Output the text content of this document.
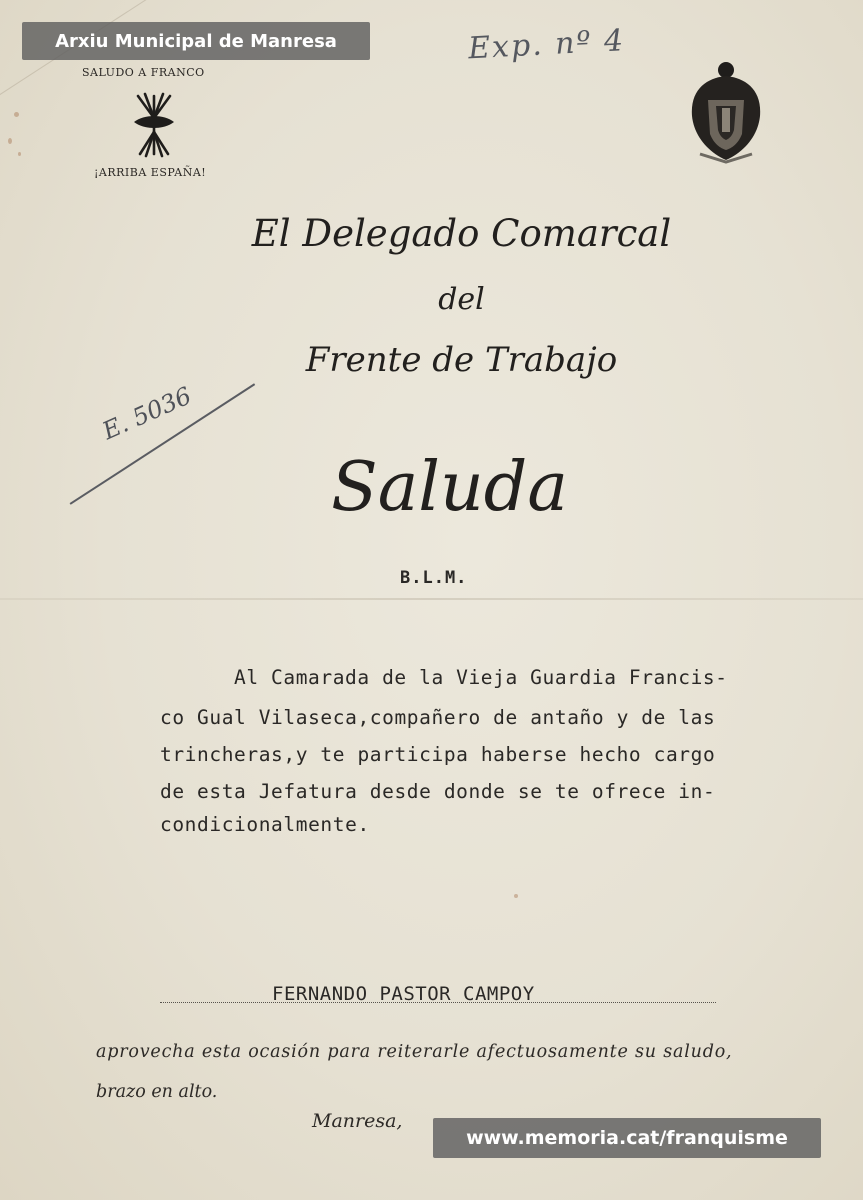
SALUDO A FRANCO
¡ARRIBA ESPAÑA!
Exp. nº 4
E. 5036
El Delegado Comarcal
del
Frente de Trabajo
Saluda
B.L.M.
Al Camarada de la Vieja Guardia Francis-
co Gual Vilaseca,compañero de antaño y de las
trincheras,y te participa haberse hecho cargo
de esta Jefatura desde donde se te ofrece in-
condicionalmente.
FERNANDO PASTOR CAMPOY
aprovecha esta ocasión para reiterarle afectuosamente su saludo,
brazo en alto.
Manresa,
Arxiu Municipal de Manresa
www.memoria.cat/franquisme
